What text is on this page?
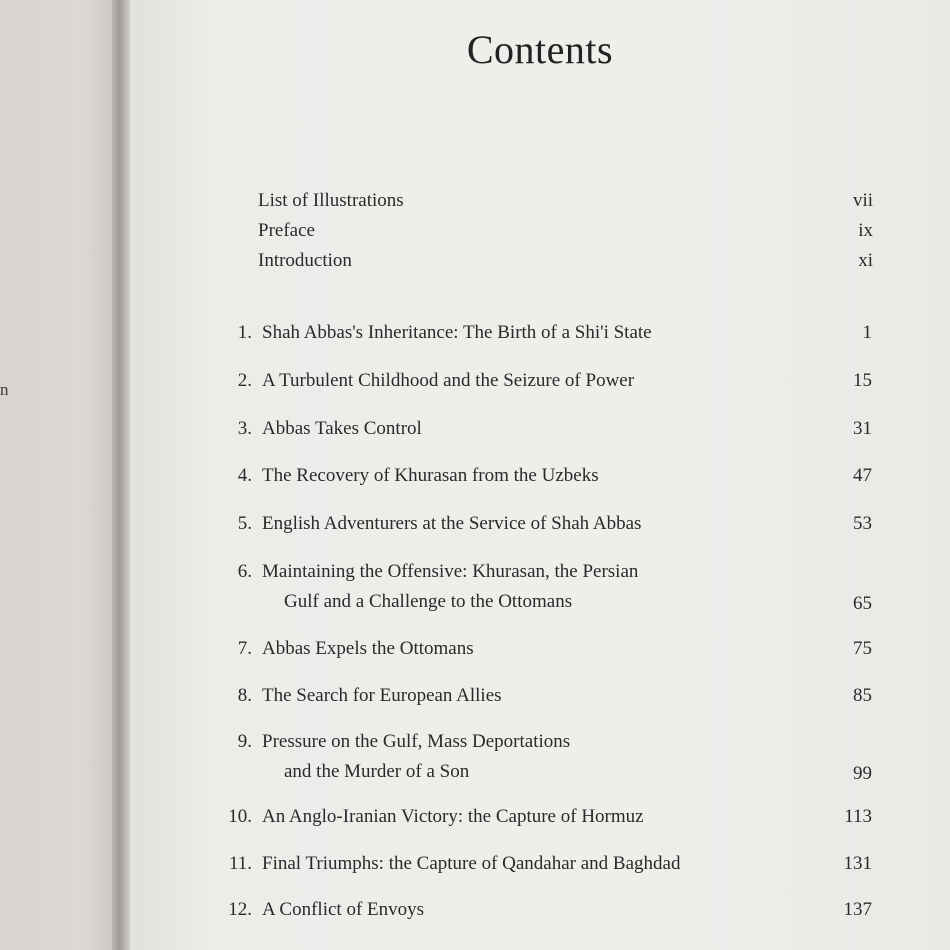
n
Contents
List of Illustrations	vii
Preface	ix
Introduction	xi
1. Shah Abbas's Inheritance: The Birth of a Shi'i State	1
2. A Turbulent Childhood and the Seizure of Power	15
3. Abbas Takes Control	31
4. The Recovery of Khurasan from the Uzbeks	47
5. English Adventurers at the Service of Shah Abbas	53
6. Maintaining the Offensive: Khurasan, the Persian
Gulf and a Challenge to the Ottomans	65
7. Abbas Expels the Ottomans	75
8. The Search for European Allies	85
9. Pressure on the Gulf, Mass Deportations
and the Murder of a Son	99
10. An Anglo-Iranian Victory: the Capture of Hormuz	113
11. Final Triumphs: the Capture of Qandahar and Baghdad	131
12. A Conflict of Envoys	137
